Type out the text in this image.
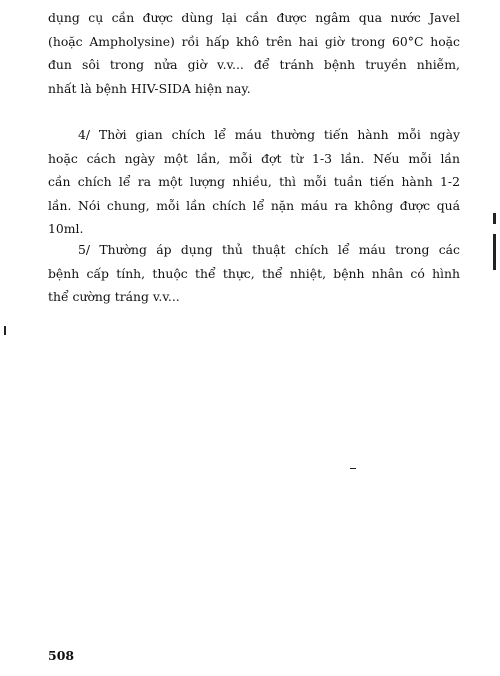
dụng cụ cần được dùng lại cần được ngâm qua nước Javel
(hoặc Ampholysine) rồi hấp khô trên hai giờ trong 60°C hoặc
đun sôi trong nửa giờ v.v... để tránh bệnh truyền nhiễm,
nhất là bệnh HIV-SIDA hiện nay.
4/ Thời gian chích lể máu thường tiến hành mỗi ngày
hoặc cách ngày một lần, mỗi đợt từ 1-3 lần. Nếu mỗi lần
cần chích lể ra một lượng nhiều, thì mỗi tuần tiến hành 1-2
lần. Nói chung, mỗi lần chích lể nặn máu ra không được quá
10ml.
5/ Thường áp dụng thủ thuật chích lể máu trong các
bệnh cấp tính, thuộc thể thực, thể nhiệt, bệnh nhân có hình
thể cường tráng v.v...
508
